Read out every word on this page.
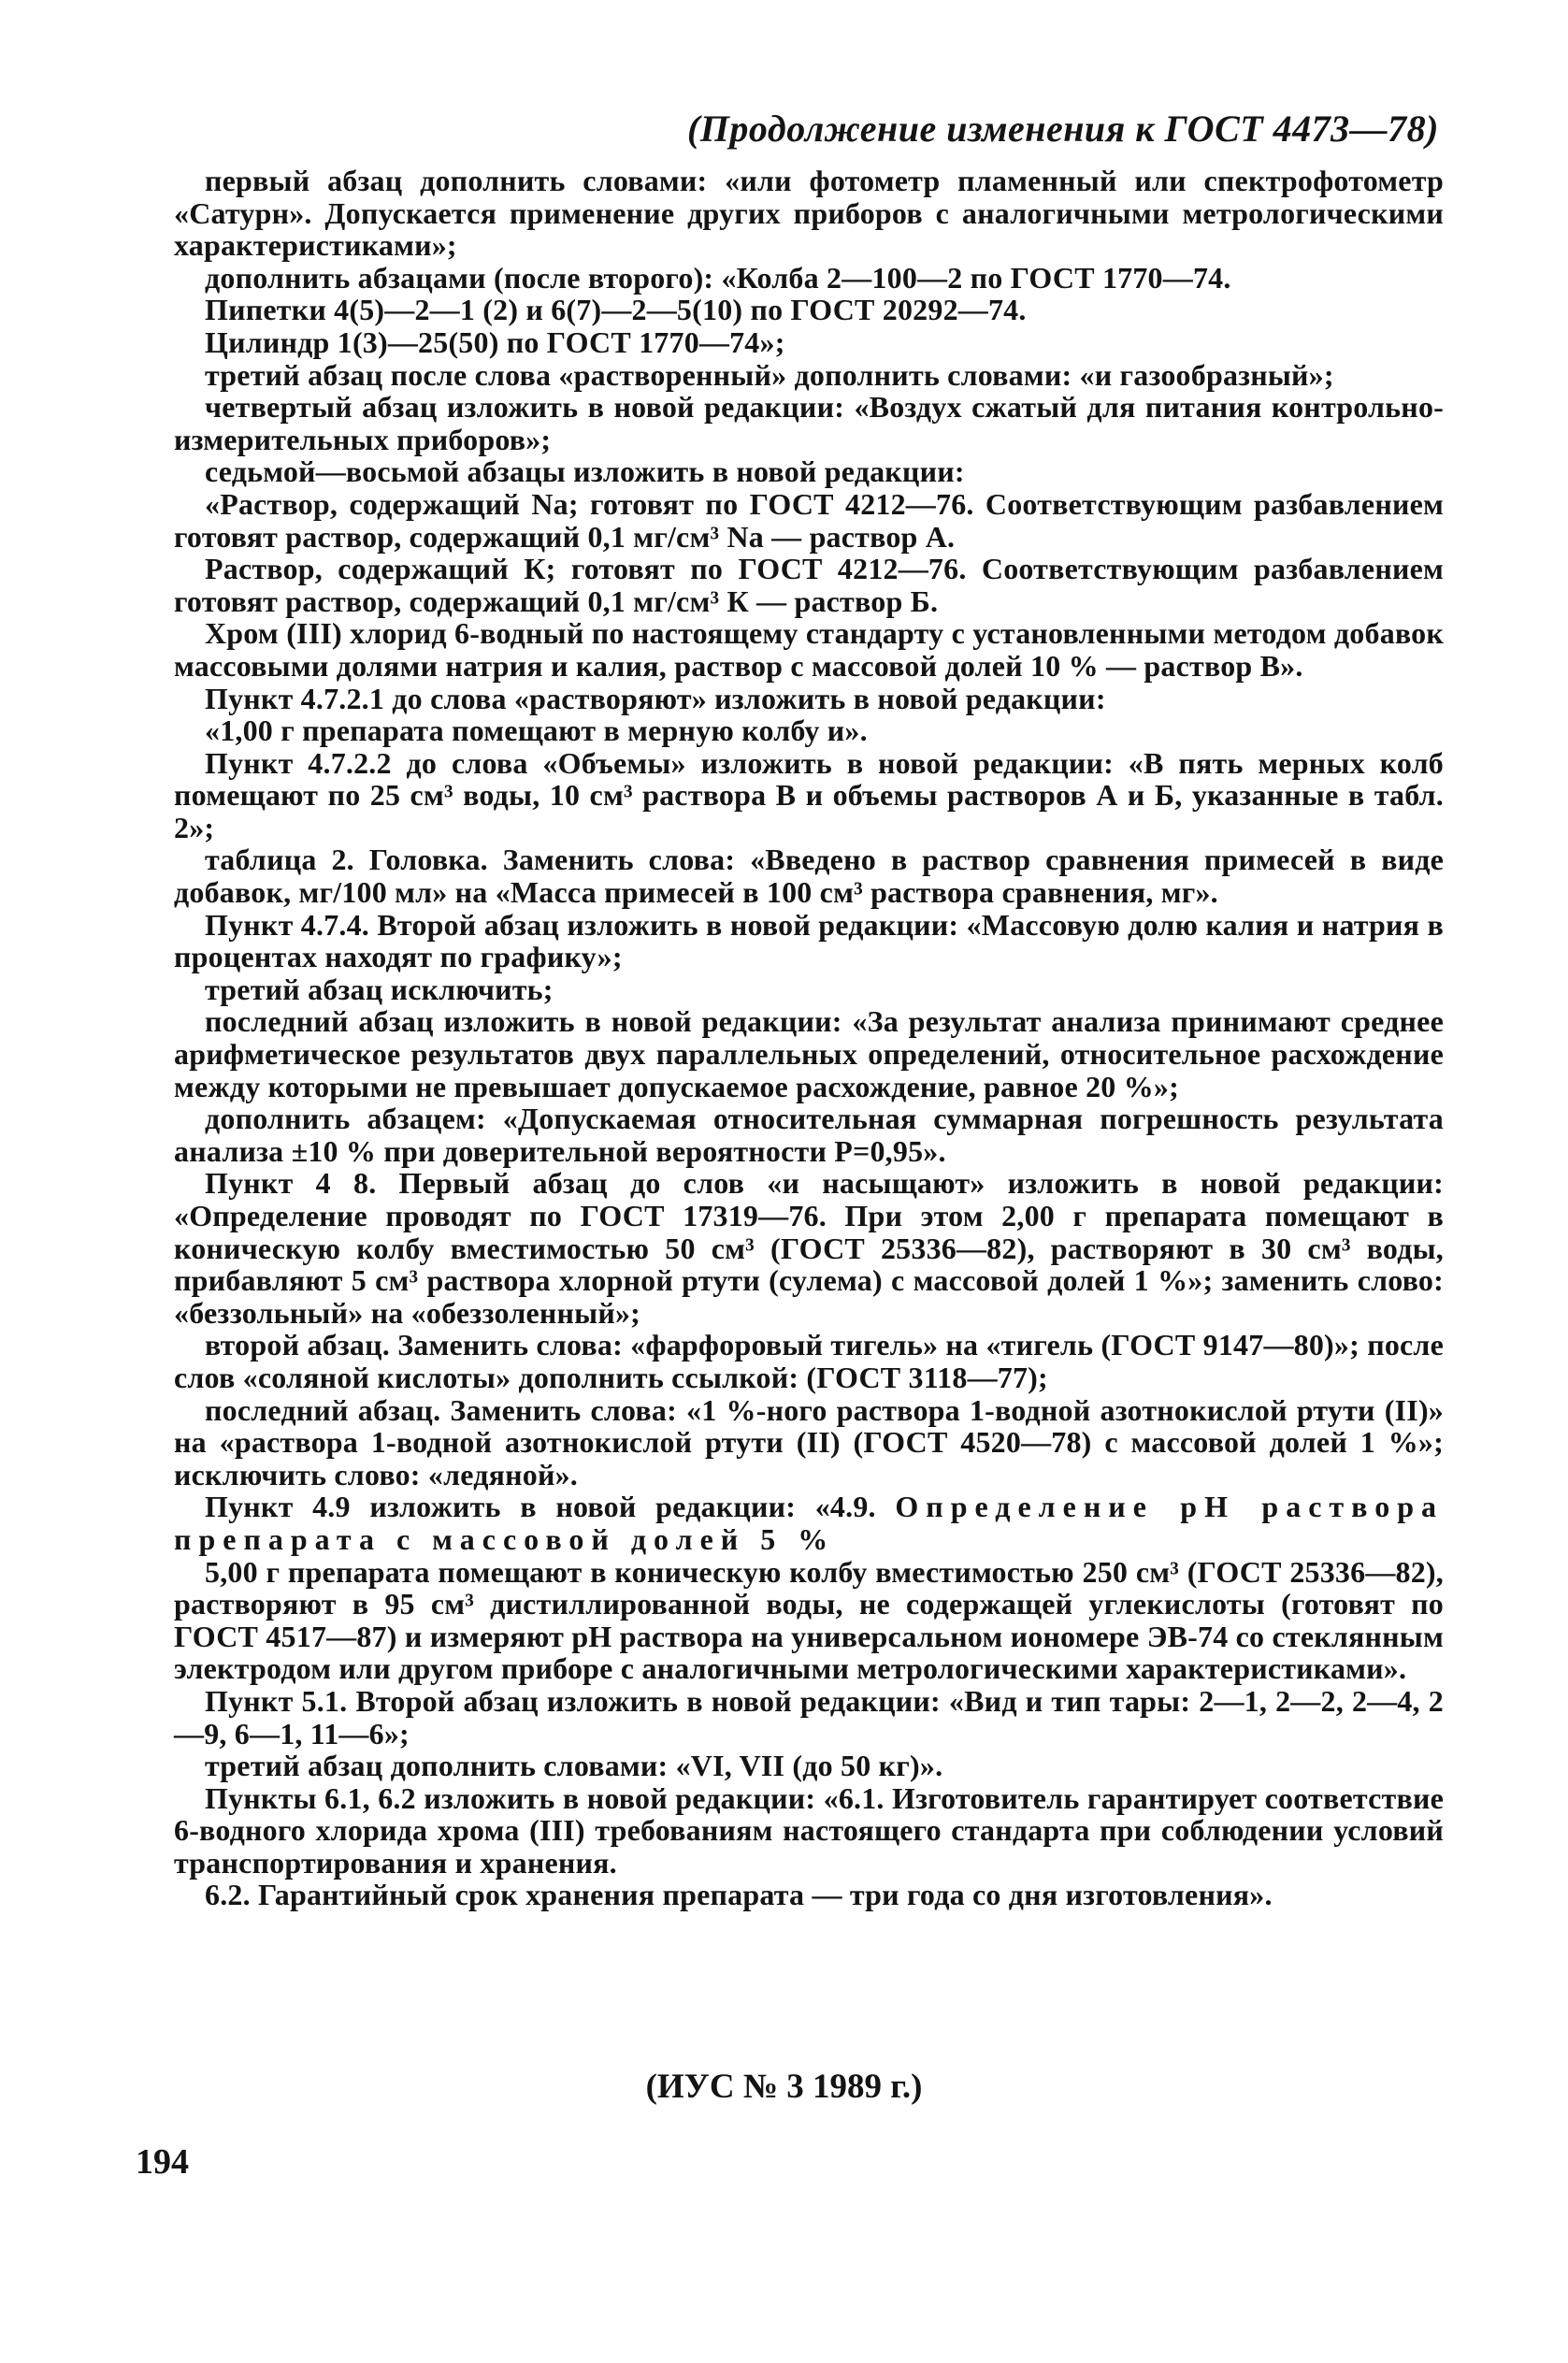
(Продолжение изменения к ГОСТ 4473—78)

первый абзац дополнить словами: «или фотометр пламенный или спектрофотометр «Сатурн». Допускается применение других приборов с аналогичными метрологическими характеристиками»;

дополнить абзацами (после второго): «Колба 2—100—2 по ГОСТ 1770—74.

Пипетки 4(5)—2—1 (2) и 6(7)—2—5(10) по ГОСТ 20292—74.

Цилиндр 1(3)—25(50) по ГОСТ 1770—74»;

третий абзац после слова «растворенный» дополнить словами: «и газообразный»;

четвертый абзац изложить в новой редакции: «Воздух сжатый для питания контрольно-измерительных приборов»;

седьмой—восьмой абзацы изложить в новой редакции:

«Раствор, содержащий Na; готовят по ГОСТ 4212—76. Соответствующим разбавлением готовят раствор, содержащий 0,1 мг/см³ Na — раствор А.

Раствор, содержащий К; готовят по ГОСТ 4212—76. Соответствующим разбавлением готовят раствор, содержащий 0,1 мг/см³ К — раствор Б.

Хром (III) хлорид 6-водный по настоящему стандарту с установленными методом добавок массовыми долями натрия и калия, раствор с массовой долей 10 % — раствор В».

Пункт 4.7.2.1 до слова «растворяют» изложить в новой редакции:

«1,00 г препарата помещают в мерную колбу и».

Пункт 4.7.2.2 до слова «Объемы» изложить в новой редакции: «В пять мерных колб помещают по 25 см³ воды, 10 см³ раствора В и объемы растворов А и Б, указанные в табл. 2»;

таблица 2. Головка. Заменить слова: «Введено в раствор сравнения примесей в виде добавок, мг/100 мл» на «Масса примесей в 100 см³ раствора сравнения, мг».

Пункт 4.7.4. Второй абзац изложить в новой редакции: «Массовую долю калия и натрия в процентах находят по графику»;

третий абзац исключить;

последний абзац изложить в новой редакции: «За результат анализа принимают среднее арифметическое результатов двух параллельных определений, относительное расхождение между которыми не превышает допускаемое расхождение, равное 20 %»;

дополнить абзацем: «Допускаемая относительная суммарная погрешность результата анализа ±10 % при доверительной вероятности Р=0,95».

Пункт 4 8. Первый абзац до слов «и насыщают» изложить в новой редакции: «Определение проводят по ГОСТ 17319—76. При этом 2,00 г препарата помещают в коническую колбу вместимостью 50 см³ (ГОСТ 25336—82), растворяют в 30 см³ воды, прибавляют 5 см³ раствора хлорной ртути (сулема) с массовой долей 1 %»; заменить слово: «беззольный» на «обеззоленный»;

второй абзац. Заменить слова: «фарфоровый тигель» на «тигель (ГОСТ 9147—80)»; после слов «соляной кислоты» дополнить ссылкой: (ГОСТ 3118—77);

последний абзац. Заменить слова: «1 %-ного раствора 1-водной азотнокислой ртути (II)» на «раствора 1-водной азотнокислой ртути (II) (ГОСТ 4520—78) с массовой долей 1 %»; исключить слово: «ледяной».

Пункт 4.9 изложить в новой редакции: «4.9. Определение рН раствора препарата с массовой долей 5 %

5,00 г препарата помещают в коническую колбу вместимостью 250 см³ (ГОСТ 25336—82), растворяют в 95 см³ дистиллированной воды, не содержащей углекислоты (готовят по ГОСТ 4517—87) и измеряют рН раствора на универсальном иономере ЭВ-74 со стеклянным электродом или другом приборе с аналогичными метрологическими характеристиками».

Пункт 5.1. Второй абзац изложить в новой редакции: «Вид и тип тары: 2—1, 2—2, 2—4, 2—9, 6—1, 11—6»;

третий абзац дополнить словами: «VI, VII (до 50 кг)».

Пункты 6.1, 6.2 изложить в новой редакции: «6.1. Изготовитель гарантирует соответствие 6-водного хлорида хрома (III) требованиям настоящего стандарта при соблюдении условий транспортирования и хранения.

6.2. Гарантийный срок хранения препарата — три года со дня изготовления».

(ИУС № 3 1989 г.)
194
